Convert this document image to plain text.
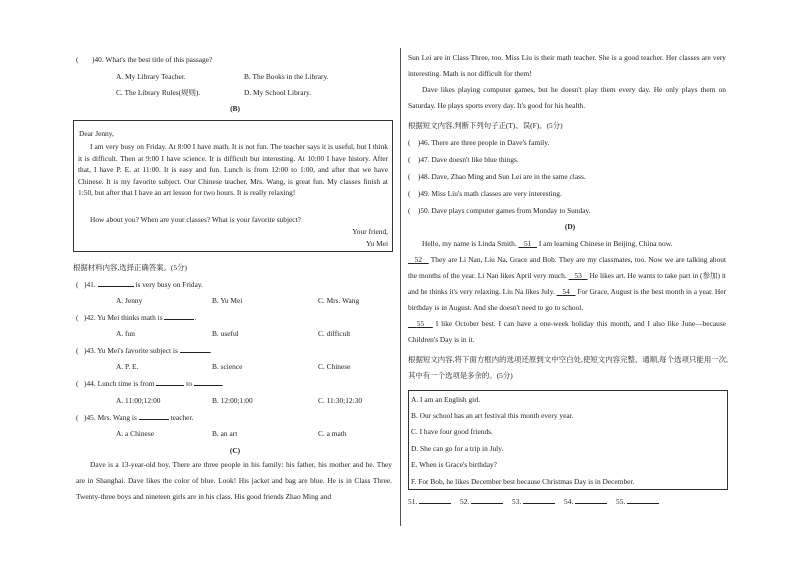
( )40. What's the best title of this passage?
A. My Library Teacher.	B. The Books in the Library.
C. The Library Rules(规则).	D. My School Library.
(B)
Dear Jenny,
I am very busy on Friday. At 8:00 I have math. It is not fun. The teacher says it is useful, but I think it is difficult. Then at 9:00 I have science. It is difficult but interesting. At 10:00 I have history. After that, I have P. E. at 11:00. It is easy and fun. Lunch is from 12:00 to 1:00, and after that we have Chinese. It is my favorite subject. Our Chinese teacher, Mrs. Wang, is great fun. My classes finish at 1:50, but after that I have an art lesson for two hours. It is really relaxing!
How about you? When are your classes? What is your favorite subject?
Your friend,
Yu Mei
根据材料内容,选择正确答案。(5分)
(   )41.	is very busy on Friday.
A. Jenny	B. Yu Mei	C. Mrs. Wang
(   )42. Yu Mei thinks math is	.
A. fun	B. useful	C. difficult
(   )43. Yu Mei's favorite subject is	.
A. P. E.	B. science	C. Chinese
(   )44. Lunch time is from	to	.
A. 11:00;12:00	B. 12:00;1:00	C. 11:30;12:30
(   )45. Mrs. Wang is	teacher.
A. a Chinese	B. an art	C. a math
(C)
Dave is a 13-year-old boy. There are three people in his family: his father, his mother and he. They are in Shanghai. Dave likes the color of blue. Look! His jacket and bag are blue. He is in Class Three. Twenty-three boys and nineteen girls are in his class. His good friends Zhao Ming and
Sun Lei are in Class Three, too. Miss Liu is their math teacher. She is a good teacher. Her classes are very interesting. Math is not difficult for them!
Dave likes playing computer games, but he doesn't play them every day. He only plays them on Saturday. He plays sports every day. It's good for his health.
根据短文内容,判断下列句子正(T)、误(F)。(5分)
(    )46. There are three people in Dave's family.
(    )47. Dave doesn't like blue things.
(    )48. Dave, Zhao Ming and Sun Lei are in the same class.
(    )49. Miss Liu's math classes are very interesting.
(    )50. Dave plays computer games from Monday to Sunday.
(D)
Hello, my name is Linda Smith. 51 I am learning Chinese in Beijing, China now.
52 They are Li Nan, Liu Na, Grace and Bob. They are my classmates, too. Now we are talking about the months of the year. Li Nan likes April very much. 53 He likes art. He wants to take part in (参加) it and he thinks it's very relaxing. Liu Na likes July. 54 For Grace, August is the best month in a year. Her birthday is in August. And she doesn't need to go to school.
55 I like October best. I can have a one-week holiday this month, and I also like June—because Children's Day is in it.
根据短文内容,将下面方框内的选项还原到文中空白处,使短文内容完整、通顺,每个选项只能用一次,其中有一个选项是多余的。(5分)
A. I am an English girl.
B. Our school has an art festival this month every year.
C. I have four good friends.
D. She can go for a trip in July.
E. When is Grace's birthday?
F. For Bob, he likes December best because Christmas Day is in December.
51.	52.	53.	54.	55.
